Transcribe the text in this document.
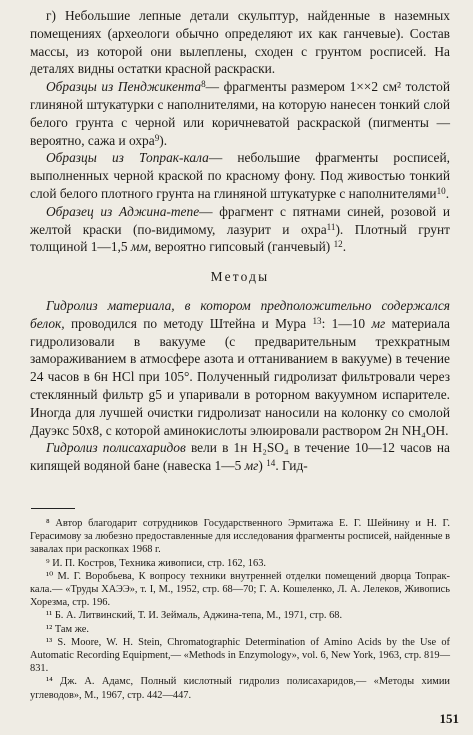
г) Небольшие лепные детали скульптур, найденные в наземных помещениях (археологи обычно определяют их как ганчевые). Состав массы, из которой они вылеплены, сходен с грунтом росписей. На деталях видны остатки красной раскраски.

Образцы из Пенджикента$^8$— фрагменты размером 1××2 см² толстой глиняной штукатурки с наполнителями, на которую нанесен тонкий слой белого грунта с черной или коричневатой раскраской (пигменты — вероятно, сажа и охра$^9$).

Образцы из Топрак-кала— небольшие фрагменты росписей, выполненных черной краской по красному фону. Под живостью тонкий слой белого плотного грунта на глиняной штукатурке с наполнителями$^{10}$.

Образец из Аджина-тепе— фрагмент с пятнами синей, розовой и желтой краски (по-видимому, лазурит и охра$^{11}$). Плотный грунт толщиной 1—1,5 мм, вероятно гипсовый (ганчевый) $^{12}$.

Методы

Гидролиз материала, в котором предположительно содержался белок, проводился по методу Штейна и Мура $^{13}$: 1—10 мг материала гидролизовали в вакууме (с предварительным трехкратным замораживанием в атмосфере азота и оттаниванием в вакууме) в течение 24 часов в 6н HCl при 105°. Полученный гидролизат фильтровали через стеклянный фильтр g5 и упаривали в роторном вакуумном испарителе. Иногда для лучшей очистки гидролизат наносили на колонку со смолой Дауэкс 50x8, с которой аминокислоты элюировали раствором 2н NH₄OH.

Гидролиз полисахаридов вели в 1н H₂SO₄ в течение 10—12 часов на кипящей водяной бане (навеска 1—5 мг) $^{14}$. Гид-

⁸ Автор благодарит сотрудников Государственного Эрмитажа Е. Г. Шейнину и Н. Г. Герасимову за любезно предоставленные для исследования фрагменты росписей, найденные в завалах при раскопках 1968 г.

⁹ И. П. Костров, Техника живописи, стр. 162, 163.

¹⁰ М. Г. Воробьева, К вопросу техники внутренней отделки помещений дворца Топрак-кала.— «Труды ХАЭЭ», т. I, М., 1952, стр. 68—70; Г. А. Кошеленко, Л. А. Лелеков, Живопись Хорезма, стр. 196.

¹¹ Б. А. Литвинский, Т. И. Зеймаль, Аджина-тепа, М., 1971, стр. 68.

¹² Там же.

¹³ S. Moore, W. H. Stein, Chromatographic Determination of Amino Acids by the Use of Automatic Recording Equipment,— «Methods in Enzymology», vol. 6, New York, 1963, стр. 819—831.

¹⁴ Дж. А. Адамс, Полный кислотный гидролиз полисахаридов,— «Методы химии углеводов», М., 1967, стр. 442—447.

151
